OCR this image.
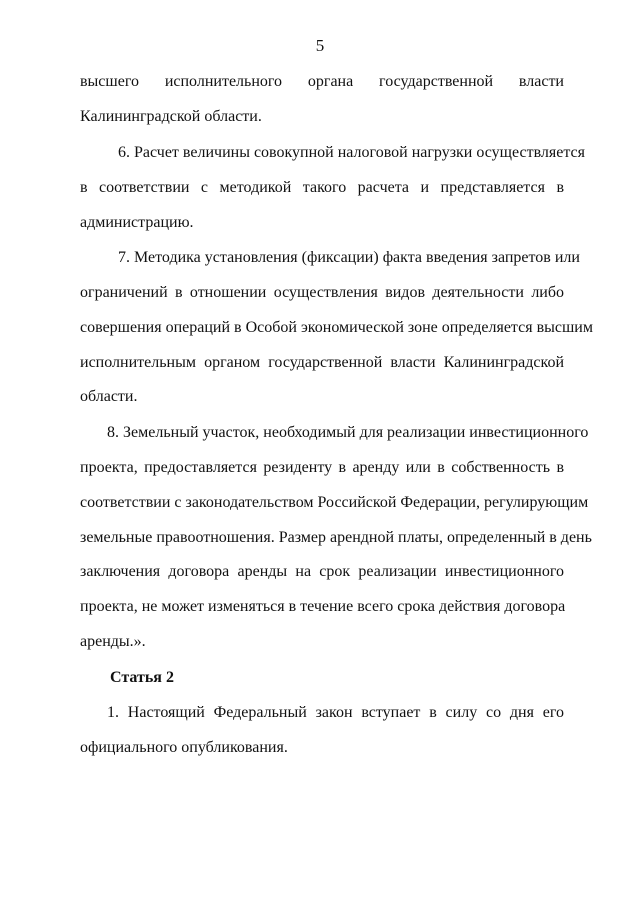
5
высшего исполнительного органа государственной власти
Калининградской области.
6. Расчет величины совокупной налоговой нагрузки осуществляется
в соответствии с методикой такого расчета и представляется в
администрацию.
7. Методика установления (фиксации) факта введения запретов или
ограничений в отношении осуществления видов деятельности либо
совершения операций в Особой экономической зоне определяется высшим
исполнительным органом государственной власти Калининградской
области.
8. Земельный участок, необходимый для реализации инвестиционного
проекта, предоставляется резиденту в аренду или в собственность в
соответствии с законодательством Российской Федерации, регулирующим
земельные правоотношения. Размер арендной платы, определенный в день
заключения договора аренды на срок реализации инвестиционного
проекта, не может изменяться в течение всего срока действия договора
аренды.».
Статья 2
1. Настоящий Федеральный закон вступает в силу со дня его
официального опубликования.
